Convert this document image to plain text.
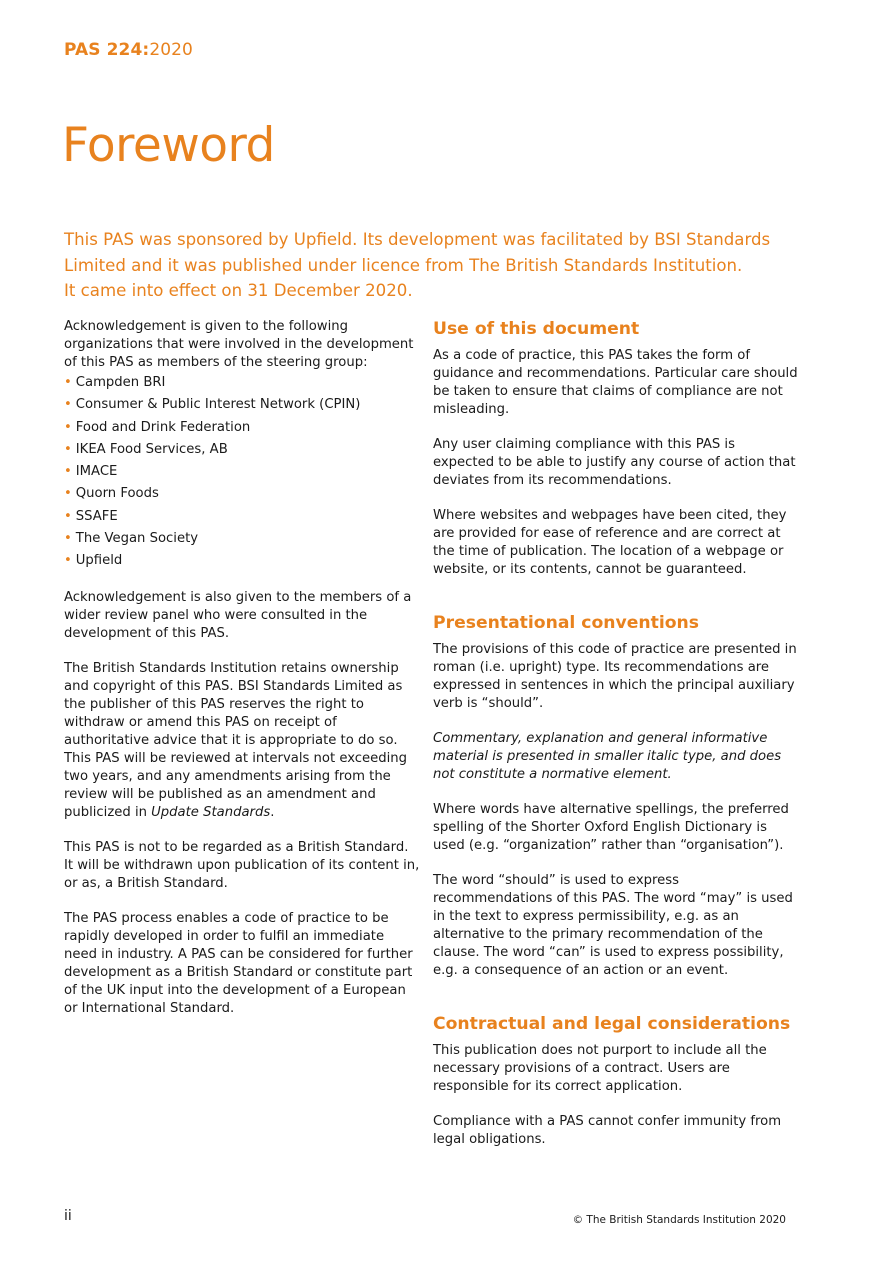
PAS 224:2020
Foreword
This PAS was sponsored by Upfield. Its development was facilitated by BSI Standards
Limited and it was published under licence from The British Standards Institution.
It came into effect on 31 December 2020.

Acknowledgement is given to the following organizations that were involved in the development of this PAS as members of the steering group:

• Campden BRI
• Consumer & Public Interest Network (CPIN)
• Food and Drink Federation
• IKEA Food Services, AB
• IMACE
• Quorn Foods
• SSAFE
• The Vegan Society
• Upfield

Acknowledgement is also given to the members of a wider review panel who were consulted in the development of this PAS.

The British Standards Institution retains ownership and copyright of this PAS. BSI Standards Limited as the publisher of this PAS reserves the right to withdraw or amend this PAS on receipt of authoritative advice that it is appropriate to do so. This PAS will be reviewed at intervals not exceeding two years, and any amendments arising from the review will be published as an amendment and publicized in Update Standards.

This PAS is not to be regarded as a British Standard. It will be withdrawn upon publication of its content in, or as, a British Standard.

The PAS process enables a code of practice to be rapidly developed in order to fulfil an immediate need in industry. A PAS can be considered for further development as a British Standard or constitute part of the UK input into the development of a European or International Standard.

Use of this document

As a code of practice, this PAS takes the form of guidance and recommendations. Particular care should be taken to ensure that claims of compliance are not misleading.

Any user claiming compliance with this PAS is expected to be able to justify any course of action that deviates from its recommendations.

Where websites and webpages have been cited, they are provided for ease of reference and are correct at the time of publication. The location of a webpage or website, or its contents, cannot be guaranteed.

Presentational conventions

The provisions of this code of practice are presented in roman (i.e. upright) type. Its recommendations are expressed in sentences in which the principal auxiliary verb is “should”.

Commentary, explanation and general informative material is presented in smaller italic type, and does not constitute a normative element.

Where words have alternative spellings, the preferred spelling of the Shorter Oxford English Dictionary is used (e.g. “organization” rather than “organisation”).

The word “should” is used to express recommendations of this PAS. The word “may” is used in the text to express permissibility, e.g. as an alternative to the primary recommendation of the clause. The word “can” is used to express possibility, e.g. a consequence of an action or an event.

Contractual and legal considerations

This publication does not purport to include all the necessary provisions of a contract. Users are responsible for its correct application.

Compliance with a PAS cannot confer immunity from legal obligations.

ii	© The British Standards Institution 2020
